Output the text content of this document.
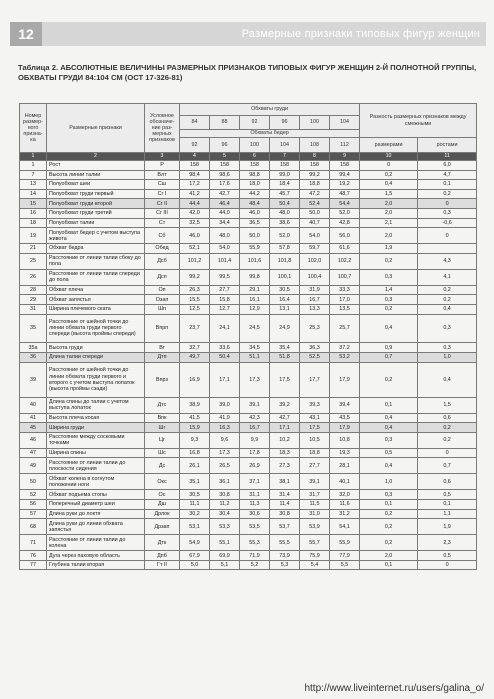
12	Размерные признаки типовых фигур женщин
Таблица 2. АБСОЛЮТНЫЕ ВЕЛИЧИНЫ РАЗМЕРНЫХ ПРИЗНАКОВ ТИПОВЫХ ФИГУР ЖЕНЩИН 2-Й ПОЛНОТНОЙ ГРУППЫ, ОБХВАТЫ ГРУДИ 84:104 СМ (ОСТ 17-326-81)
Номер размер-ного призна-ка	Размерные признаки	Условное обозначе-ние раз-мерных признаков	Обхваты груди						Разность размерных признаков между смежными	
			84	88	92	96	100	104		
			Обхваты бедер							
			92	96	100	104	108	112	размерами	ростами
1	2	3	4	5	6	7	8	9	10	11
1	Рост	Р	158	158	158	158	158	158	0	6,0
7	Высота линии талии	Влт	98,4	98,6	98,8	99,0	99,2	99,4	0,2	4,7
13	Полуобхват шеи	Сш	17,2	17,6	18,0	18,4	18,8	19,2	0,4	0,1
14	Полуобхват груди первый	Сг I	41,2	42,7	44,2	45,7	47,2	48,7	1,5	0,2
15	Полуобхват груди второй	Сг II	44,4	46,4	48,4	50,4	52,4	54,4	2,0	0
16	Полуобхват груди третий	Сг III	42,0	44,0	46,0	48,0	50,0	52,0	2,0	0,3
18	Полуобхват талии	Ст	32,5	34,4	36,5	38,6	40,7	42,8	2,1	-0,6
19	Полуобхват бедер с учетом выступа живота	Сб	46,0	48,0	50,0	52,0	54,0	56,0	2,0	0
21	Обхват бедра	Обед	52,1	54,0	55,9	57,8	59,7	61,6	1,9	
25	Расстояние от линии талии сбоку до пола	Дсб	101,2	101,4	101,6	101,8	102,0	102,2	0,2	4,3
26	Расстояние от линии талии спереди до пола	Дсп	99,2	99,5	99,8	100,1	100,4	100,7	0,3	4,1
28	Обхват плеча	Оп	26,3	27,7	29,1	30,5	31,9	33,3	1,4	0,2
29	Обхват запястья	Озап	15,5	15,8	16,1	16,4	16,7	17,0	0,3	0,2
31	Ширина плечевого ската	Шп	12,5	12,7	12,9	13,1	13,3	13,5	0,2	0,4
35	Расстояние от шейной точки до линии обхвата груди первого спереди (высота проймы спереди)	Впрп	23,7	24,1	24,5	24,9	25,3	25,7	0,4	0,3
35а	Высота груди	Вг	32,7	33,6	34,5	35,4	36,3	37,2	0,9	0,3
36	Длина талии спереди	Дтп	49,7	50,4	51,1	51,8	52,5	53,2	0,7	1,0
39	Расстояние от шейной точки до линии обхвата груди первого и второго с учетом выступа лопаток (высота проймы сзади)	Впрз	16,9	17,1	17,3	17,5	17,7	17,9	0,2	0,4
40	Длина спины до талии с учетом выступа лопаток	Дтс	38,9	39,0	39,1	39,2	39,3	39,4	0,1	1,5
41	Высота плеча косая	Впк	41,5	41,9	42,3	42,7	43,1	43,5	0,4	0,6
45	Ширина груди	Шг	15,9	16,3	16,7	17,1	17,5	17,9	0,4	0,2
46	Расстояние между сосковыми точками	Цг	9,3	9,6	9,9	10,2	10,5	10,8	0,3	0,2
47	Ширина спины	Шс	16,8	17,3	17,8	18,3	18,8	19,3	0,5	0
49	Расстояние от линии талии до плоскости сидения	Дс	26,1	26,5	26,9	27,3	27,7	28,1	0,4	0,7
50	Обхват колена в согнутом положении ноги	Окс	35,1	36,1	37,1	38,1	39,1	40,1	1,0	0,6
52	Обхват подъема стопы	Ос	30,5	30,8	31,1	31,4	31,7	32,0	0,3	0,5
56	Поперечный диаметр шеи	Дш	11,1	11,2	11,3	11,4	11,5	11,6	0,1	0,1
57	Длина руки до локтя	Дрлок	30,2	30,4	30,6	30,8	31,0	31,2	0,2	1,1
68	Длина руки до линии обхвата запястья	Дрзап	53,1	53,3	53,5	53,7	53,9	54,1	0,2	1,9
71	Расстояние от линии талии до колена	Дтк	54,9	55,1	55,3	55,5	55,7	55,9	0,2	2,3
76	Дуга через паховую область	Дпб	67,9	69,9	71,9	73,9	75,9	77,9	2,0	0,5
77	Глубина талии вторая	Гт II	5,0	5,1	5,2	5,3	5,4	5,5	0,1	0
http://www.liveinternet.ru/users/galina_o/
